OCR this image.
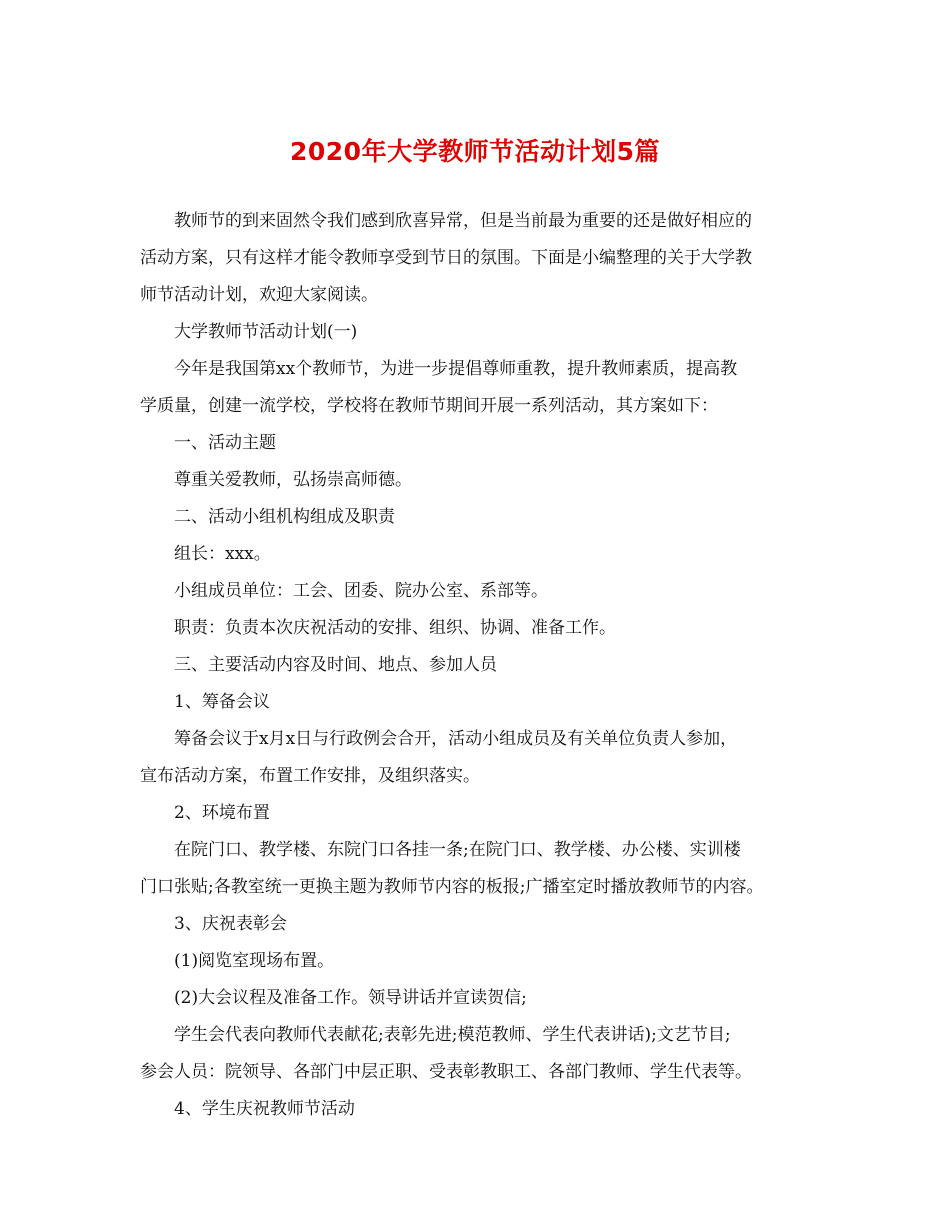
2020年大学教师节活动计划5篇

教师节的到来固然令我们感到欣喜异常，但是当前最为重要的还是做好相应的

活动方案，只有这样才能令教师享受到节日的氛围。下面是小编整理的关于大学教

师节活动计划，欢迎大家阅读。

大学教师节活动计划(一)

今年是我国第xx个教师节，为进一步提倡尊师重教，提升教师素质，提高教

学质量，创建一流学校，学校将在教师节期间开展一系列活动，其方案如下：

一、活动主题

尊重关爱教师，弘扬崇高师德。

二、活动小组机构组成及职责

组长：xxx。

小组成员单位：工会、团委、院办公室、系部等。

职责：负责本次庆祝活动的安排、组织、协调、准备工作。

三、主要活动内容及时间、地点、参加人员

1、筹备会议

筹备会议于x月x日与行政例会合开，活动小组成员及有关单位负责人参加，

宣布活动方案，布置工作安排，及组织落实。

2、环境布置

在院门口、教学楼、东院门口各挂一条;在院门口、教学楼、办公楼、实训楼

门口张贴;各教室统一更换主题为教师节内容的板报;广播室定时播放教师节的内容。

3、庆祝表彰会

(1)阅览室现场布置。

(2)大会议程及准备工作。领导讲话并宣读贺信;

学生会代表向教师代表献花;表彰先进;模范教师、学生代表讲话);文艺节目;

参会人员：院领导、各部门中层正职、受表彰教职工、各部门教师、学生代表等。

4、学生庆祝教师节活动
